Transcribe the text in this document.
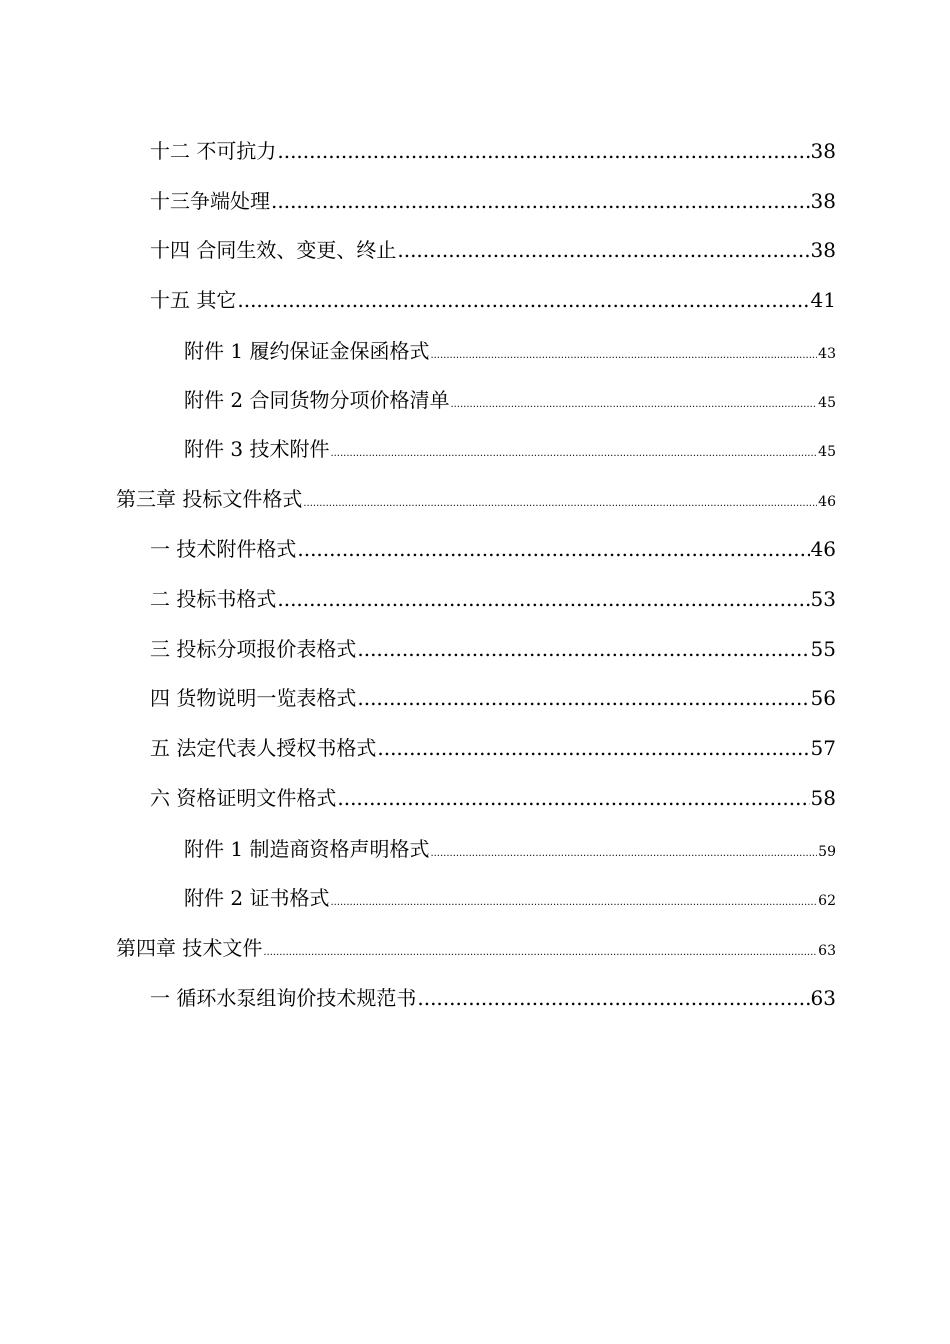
十二 不可抗力 .....	38
十三争端处理 .....	38
十四 合同生效、变更、终止 .....	38
十五 其它 .....	41
附件 1 履约保证金保函格式 .....	43
附件 2 合同货物分项价格清单 .....	45
附件 3 技术附件 .....	45
第三章 投标文件格式 .....	46
一 技术附件格式 .....	46
二 投标书格式 .....	53
三 投标分项报价表格式 .....	55
四 货物说明一览表格式 .....	56
五 法定代表人授权书格式 .....	57
六 资格证明文件格式 .....	58
附件 1 制造商资格声明格式 .....	59
附件 2 证书格式 .....	62
第四章 技术文件 .....	63
一 循环水泵组询价技术规范书 .....	63
